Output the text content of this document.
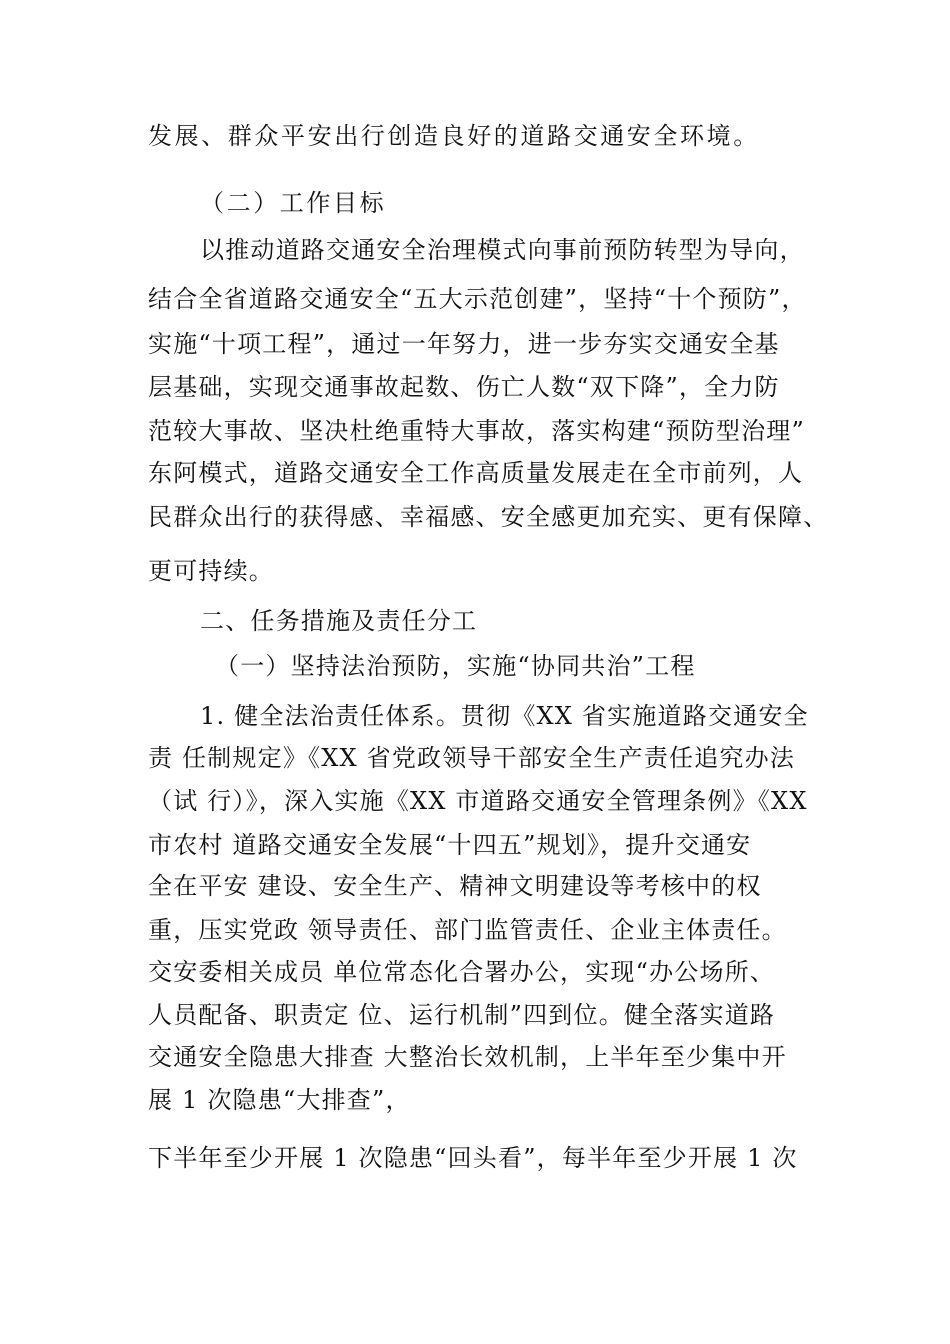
发展、群众平安出行创造良好的道路交通安全环境。
（二）工作目标
以推动道路交通安全治理模式向事前预防转型为导向，
结合全省道路交通安全“五大示范创建”，坚持“十个预防”，
实施“十项工程”，通过一年努力，进一步夯实交通安全基
层基础，实现交通事故起数、伤亡人数“双下降”，全力防
范较大事故、坚决杜绝重特大事故，落实构建“预防型治理”
东阿模式，道路交通安全工作高质量发展走在全市前列，人
民群众出行的获得感、幸福感、安全感更加充实、更有保障、
更可持续。
二、任务措施及责任分工
（一）坚持法治预防，实施“协同共治”工程
1. 健全法治责任体系。贯彻《XX 省实施道路交通安全
责 任制规定》《XX 省党政领导干部安全生产责任追究办法
（试 行）》，深入实施《XX 市道路交通安全管理条例》《XX
市农村 道路交通安全发展“十四五”规划》，提升交通安
全在平安 建设、安全生产、精神文明建设等考核中的权
重，压实党政 领导责任、部门监管责任、企业主体责任。
交安委相关成员 单位常态化合署办公，实现“办公场所、
人员配备、职责定 位、运行机制”四到位。健全落实道路
交通安全隐患大排查 大整治长效机制，上半年至少集中开
展 1 次隐患“大排查”，
下半年至少开展 1 次隐患“回头看”，每半年至少开展 1 次
